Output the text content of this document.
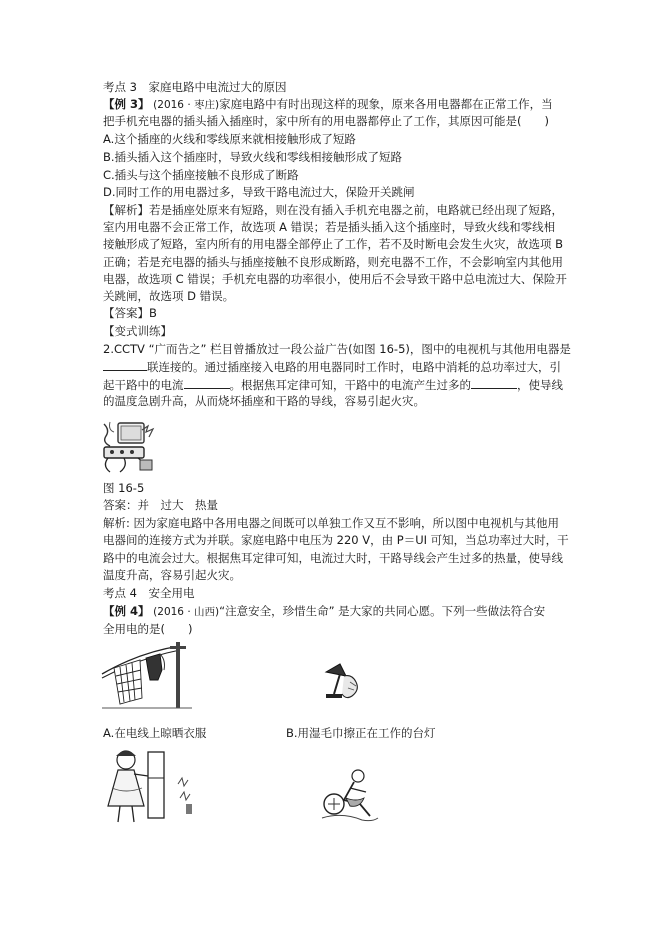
考点 3　家庭电路中电流过大的原因
【例 3】 (2016 · 枣庄)家庭电路中有时出现这样的现象，原来各用电器都在正常工作，当
把手机充电器的插头插入插座时，家中所有的用电器都停止了工作，其原因可能是(　　)
A.这个插座的火线和零线原来就相接触形成了短路
B.插头插入这个插座时，导致火线和零线相接触形成了短路
C.插头与这个插座接触不良形成了断路
D.同时工作的用电器过多，导致干路电流过大，保险开关跳闸
【解析】若是插座处原来有短路，则在没有插入手机充电器之前，电路就已经出现了短路，
室内用电器不会正常工作，故选项 A 错误；若是插头插入这个插座时，导致火线和零线相
接触形成了短路，室内所有的用电器全部停止了工作，若不及时断电会发生火灾，故选项 B
正确；若是充电器的插头与插座接触不良形成断路，则充电器不工作，不会影响室内其他用
电器，故选项 C 错误；手机充电器的功率很小，使用后不会导致干路中总电流过大、保险开
关跳闸，故选项 D 错误。
【答案】B
【变式训练】
2.CCTV “广而告之” 栏目曾播放过一段公益广告(如图 16-5)，图中的电视机与其他用电器是
联连接的。通过插座接入电路的用电器同时工作时，电路中消耗的总功率过大，引
起干路中的电流	。根据焦耳定律可知，干路中的电流产生过多的	，使导线
的温度急剧升高，从而烧坏插座和干路的导线，容易引起火灾。
图 16-5
答案：并　过大　热量
解析: 因为家庭电路中各用电器之间既可以单独工作又互不影响，所以图中电视机与其他用
电器间的连接方式为并联。家庭电路中电压为 220 V，由 P＝UI 可知，当总功率过大时，干
路中的电流会过大。根据焦耳定律可知，电流过大时，干路导线会产生过多的热量，使导线
温度升高，容易引起火灾。
考点 4　安全用电
【例 4】 (2016 · 山西)“注意安全，珍惜生命” 是大家的共同心愿。下列一些做法符合安
全用电的是(　　)
A.在电线上晾晒衣服	B.用湿毛巾擦正在工作的台灯
